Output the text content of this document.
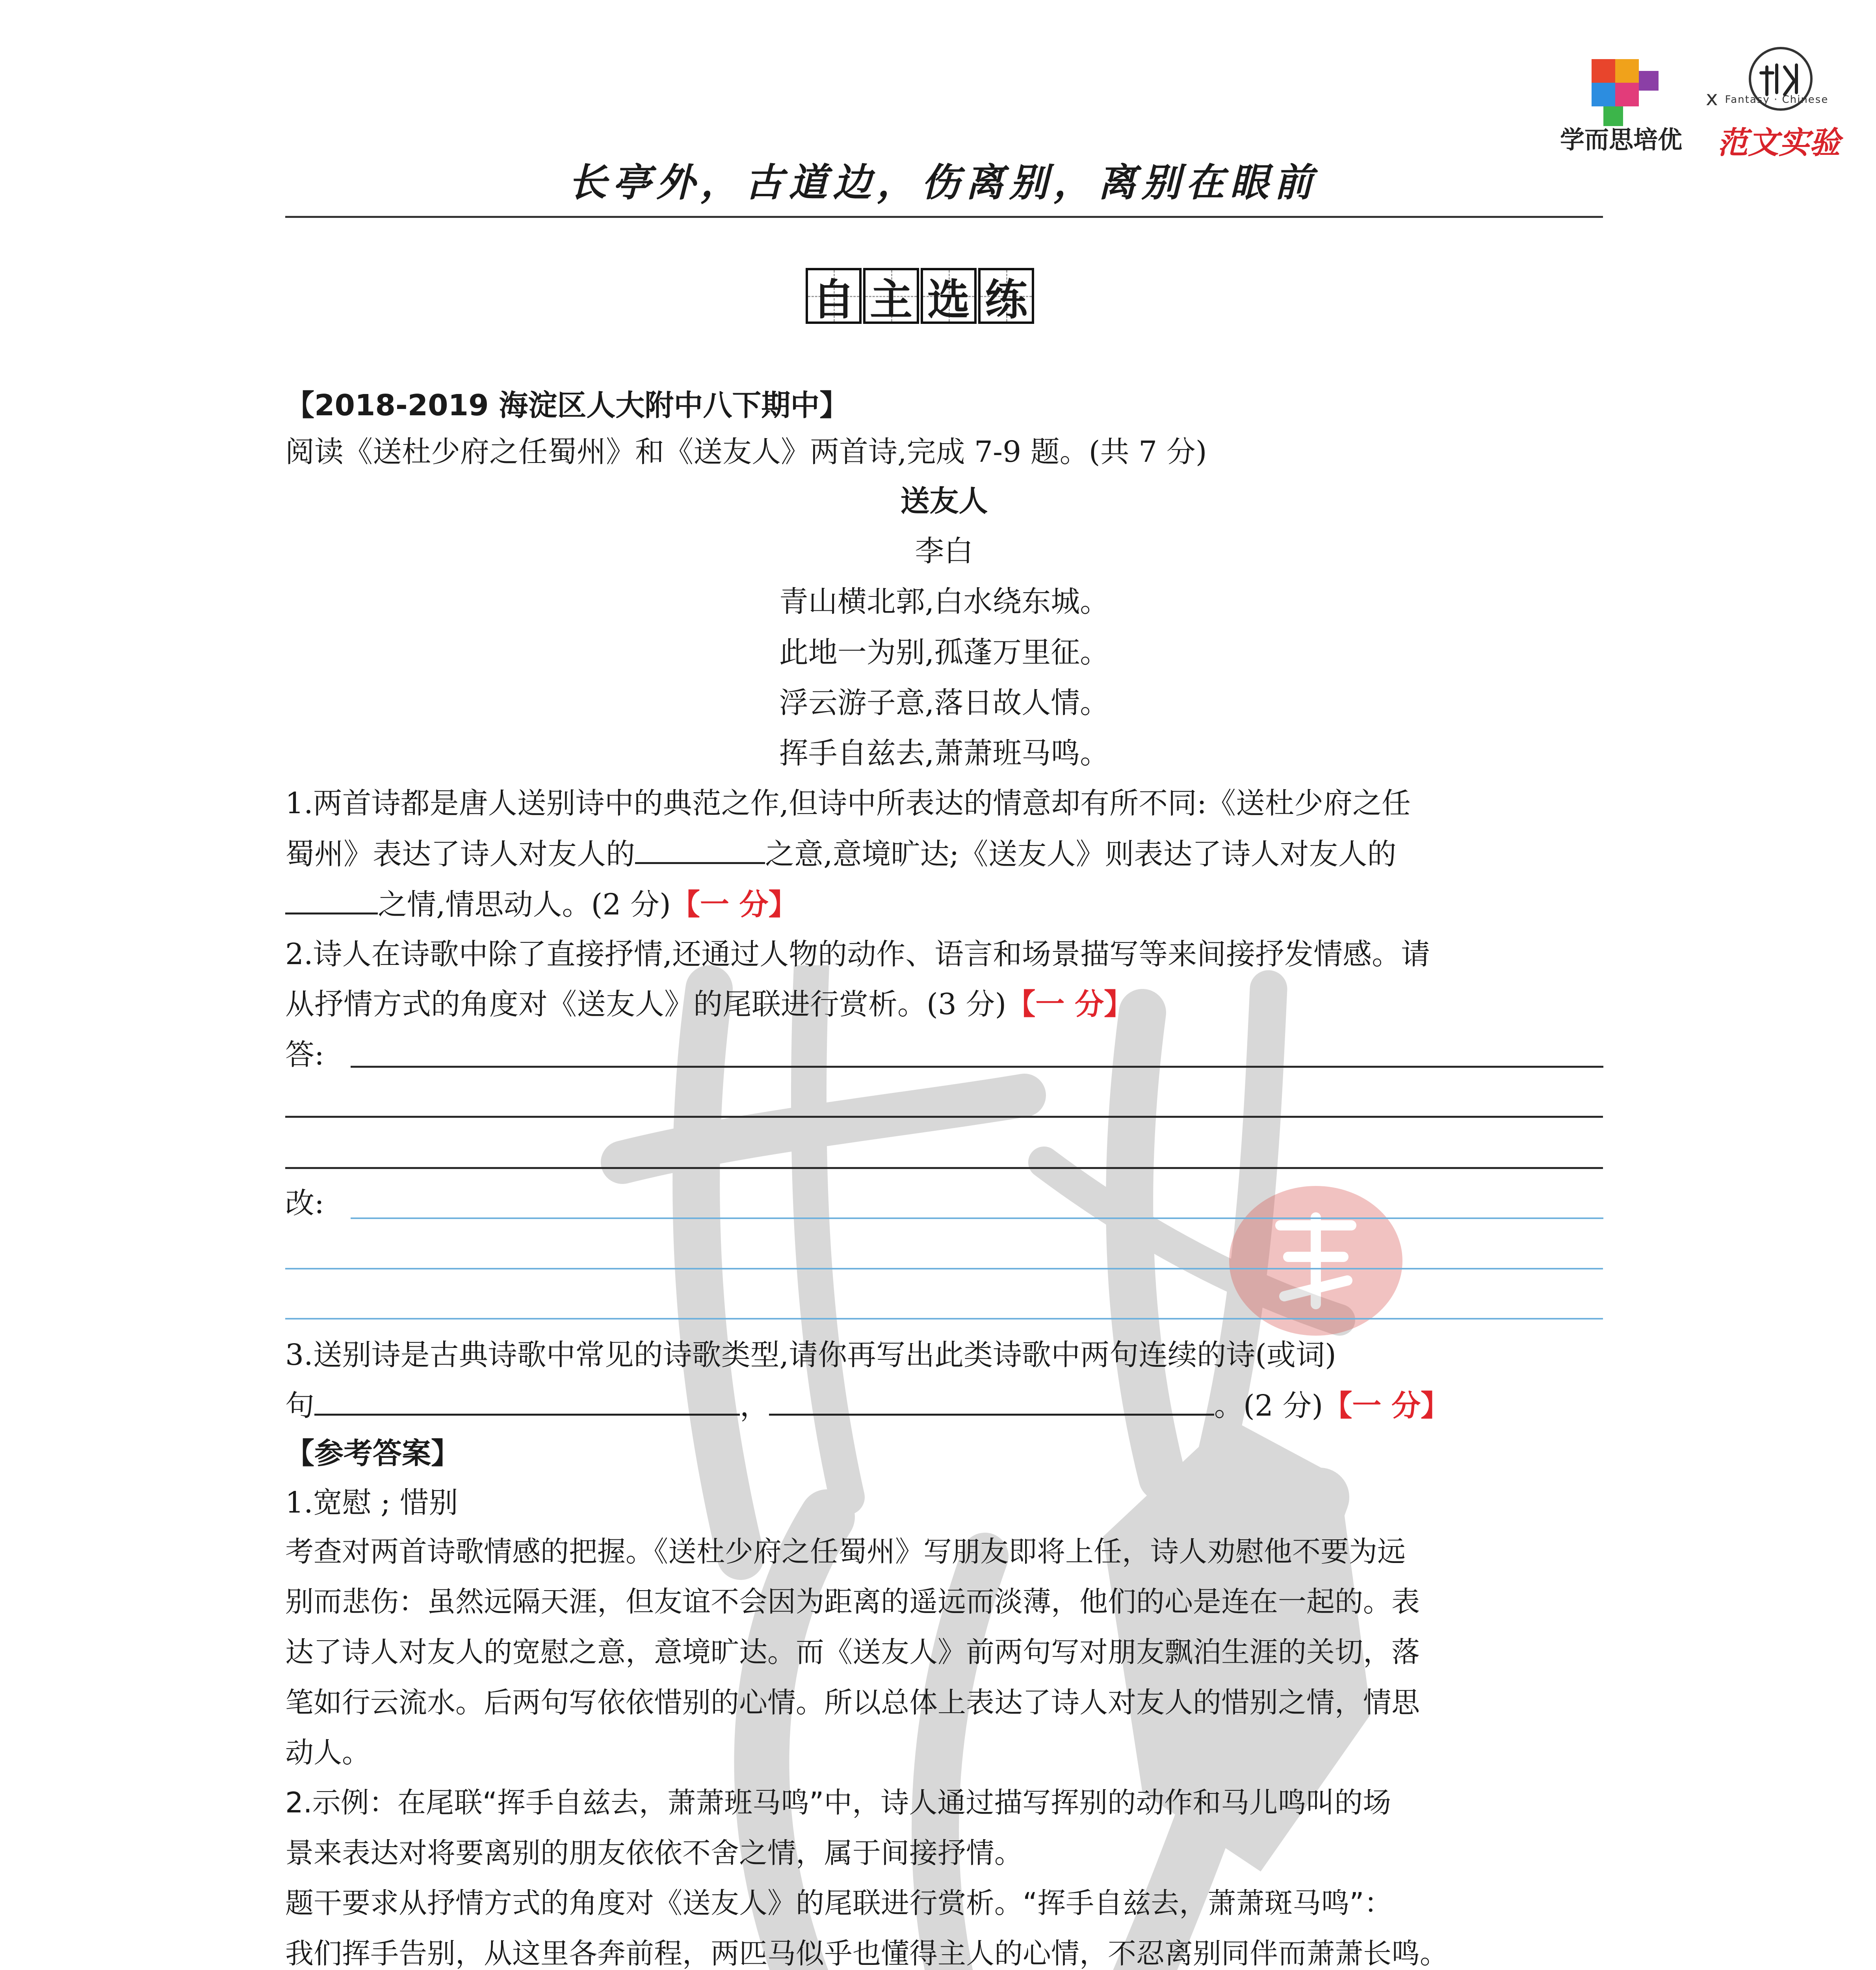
学而思培优
x Fantasy · Chinese
范文实验
长亭外，古道边，伤离别，离别在眼前
自 主 选 练
【2018-2019 海淀区人大附中八下期中】
阅读《送杜少府之任蜀州》和《送友人》两首诗,完成 7-9 题。(共 7 分)
送友人
李白
青山横北郭,白水绕东城。
此地一为别,孤蓬万里征。
浮云游子意,落日故人情。
挥手自兹去,萧萧班马鸣。
1.两首诗都是唐人送别诗中的典范之作,但诗中所表达的情意却有所不同:《送杜少府之任
蜀州》表达了诗人对友人的	之意,意境旷达;《送友人》则表达了诗人对友人的
之情,情思动人。(2 分)【一 分】
2.诗人在诗歌中除了直接抒情,还通过人物的动作、语言和场景描写等来间接抒发情感。请
从抒情方式的角度对《送友人》的尾联进行赏析。(3 分)【一 分】
答:
改:
3.送别诗是古典诗歌中常见的诗歌类型,请你再写出此类诗歌中两句连续的诗(或词)
句	，	。(2 分)【一 分】
【参考答案】
1.宽慰 ; 惜别
考查对两首诗歌情感的把握。《送杜少府之任蜀州》写朋友即将上任，诗人劝慰他不要为远
别而悲伤：虽然远隔天涯，但友谊不会因为距离的遥远而淡薄，他们的心是连在一起的。表
达了诗人对友人的宽慰之意，意境旷达。而《送友人》前两句写对朋友飘泊生涯的关切，落
笔如行云流水。后两句写依依惜别的心情。所以总体上表达了诗人对友人的惜别之情，情思
动人。
2.示例：在尾联“挥手自兹去，萧萧班马鸣”中，诗人通过描写挥别的动作和马儿鸣叫的场
景来表达对将要离别的朋友依依不舍之情，属于间接抒情。
题干要求从抒情方式的角度对《送友人》的尾联进行赏析。“挥手自兹去，萧萧斑马鸣”：
我们挥手告别，从这里各奔前程，两匹马似乎也懂得主人的心情，不忍离别同伴而萧萧长鸣。
